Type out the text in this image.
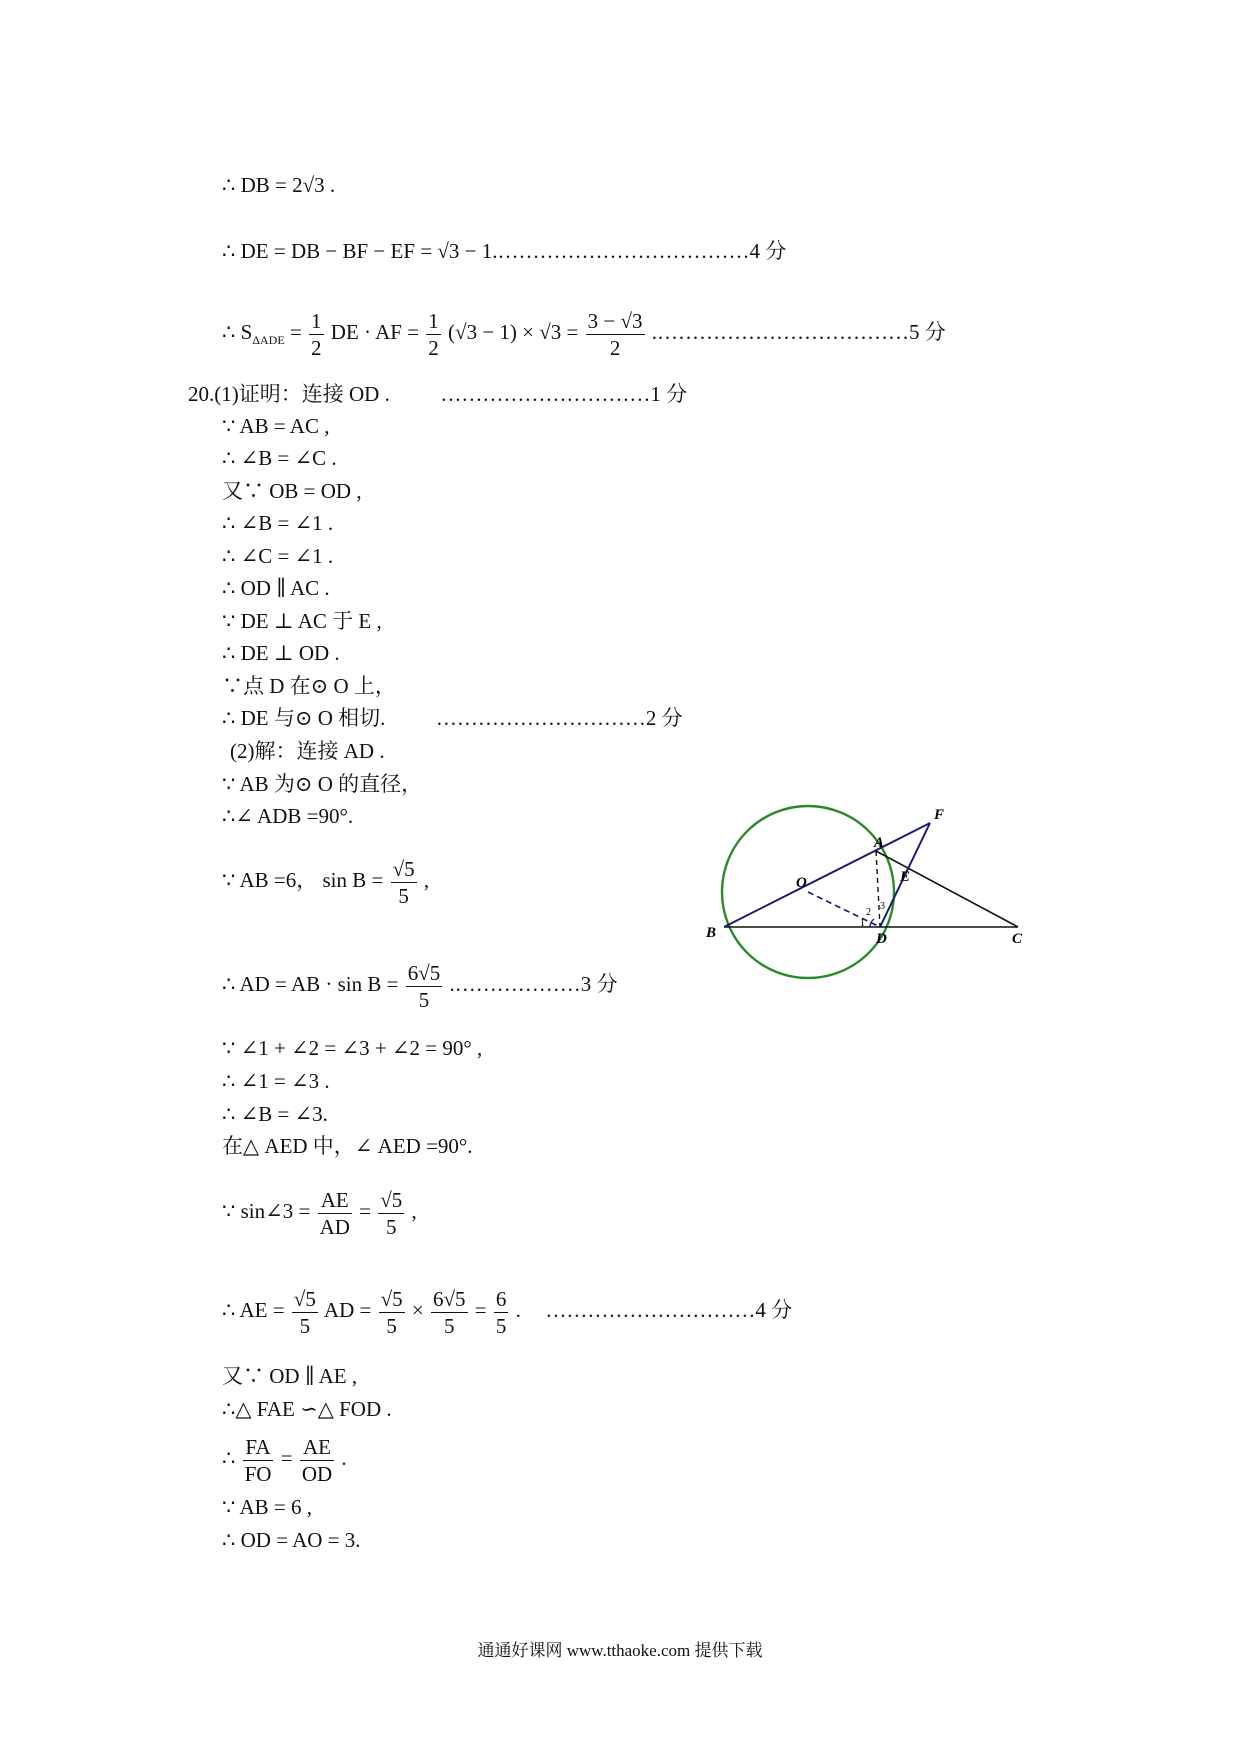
∴ DB = 2√3 .
∴ DE = DB − BF − EF = √3 − 1.………………………………4 分
∴ $S_{\Delta ADE} = \frac{1}{2}$ DE · AF = $\frac{1}{2} (√3 - 1) \times √3 = \frac{3 - √3}{2}$ .………………………………5 分
20.(1)证明：连接 OD . …………………………1 分
∵ AB = AC ,
∴ ∠B = ∠C .
又∵ OB = OD ,
∴ ∠B = ∠1 .
∴ ∠C = ∠1 .
∴ OD ∥ AC .
∵ DE ⊥ AC 于 E ,
∴ DE ⊥ OD .
∵点 D 在⊙ O 上，
∴ DE 与⊙ O 相切. …………………………2 分
(2)解：连接 AD .
∵ AB 为⊙ O 的直径，
∴∠ ADB =90°.
∵ AB =6， $\sin B = \frac{√5}{5}$ ,
∴ AD = AB · $\sin B = \frac{6√5}{5}$ .………………3 分
∵ ∠1 + ∠2 = ∠3 + ∠2 = 90° ,
∴ ∠1 = ∠3 .
∴ ∠B = ∠3.
在△ AED 中，∠ AED =90°.
∵ sin∠3 = $\frac{AE}{AD} = \frac{√5}{5}$ ,
∴ AE = $\frac{√5}{5}$ AD = $\frac{√5}{5} \times \frac{6√5}{5} = \frac{6}{5}$ . …………………………4 分
又∵ OD ∥ AE ,
∴△ FAE ∽△ FOD .
∴ $\frac{FA}{FO} = \frac{AE}{OD}$ .
∵ AB = 6 ,
∴ OD = AO = 3.
A
F
O	E
B	D	C
1
2
3
通通好课网 www.tthaoke.com 提供下载
